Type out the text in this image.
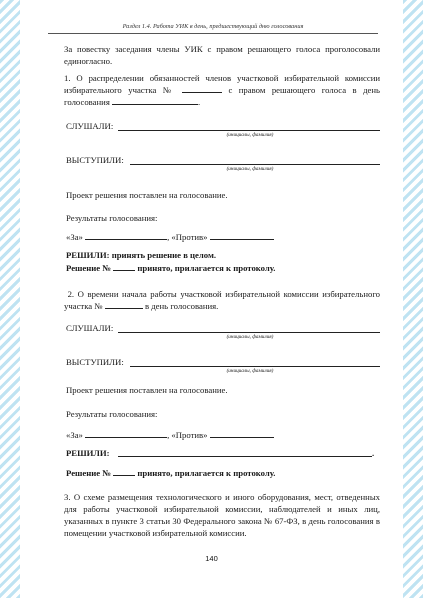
Раздел 1.4. Работа УИК в день, предшествующий дню голосования
За повестку заседания члены УИК с правом решающего голоса проголосовали единогласно.
1. О распределении обязанностей членов участковой избирательной комиссии избирательного участка №	с правом решающего голоса в день голосования	.
СЛУШАЛИ:
(инициалы, фамилия)
ВЫСТУПИЛИ:
(инициалы, фамилия)
Проект решения поставлен на голосование.
Результаты голосования:
«За»	, «Против»
РЕШИЛИ: принять решение в целом.
Решение №	принято, прилагается к протоколу.
2. О времени начала работы участковой избирательной комиссии избирательного участка №	в день голосования.
СЛУШАЛИ:
(инициалы, фамилия)
ВЫСТУПИЛИ:
(инициалы, фамилия)
Проект решения поставлен на голосование.
Результаты голосования:
«За»	, «Против»
РЕШИЛИ:	.
Решение №	принято, прилагается к протоколу.
3. О схеме размещения технологического и иного оборудования, мест, отведенных для работы участковой избирательной комиссии, наблюдателей и иных лиц, указанных в пункте 3 статьи 30 Федерального закона № 67-ФЗ, в день голосования в помещении участковой избирательной комиссии.
140
